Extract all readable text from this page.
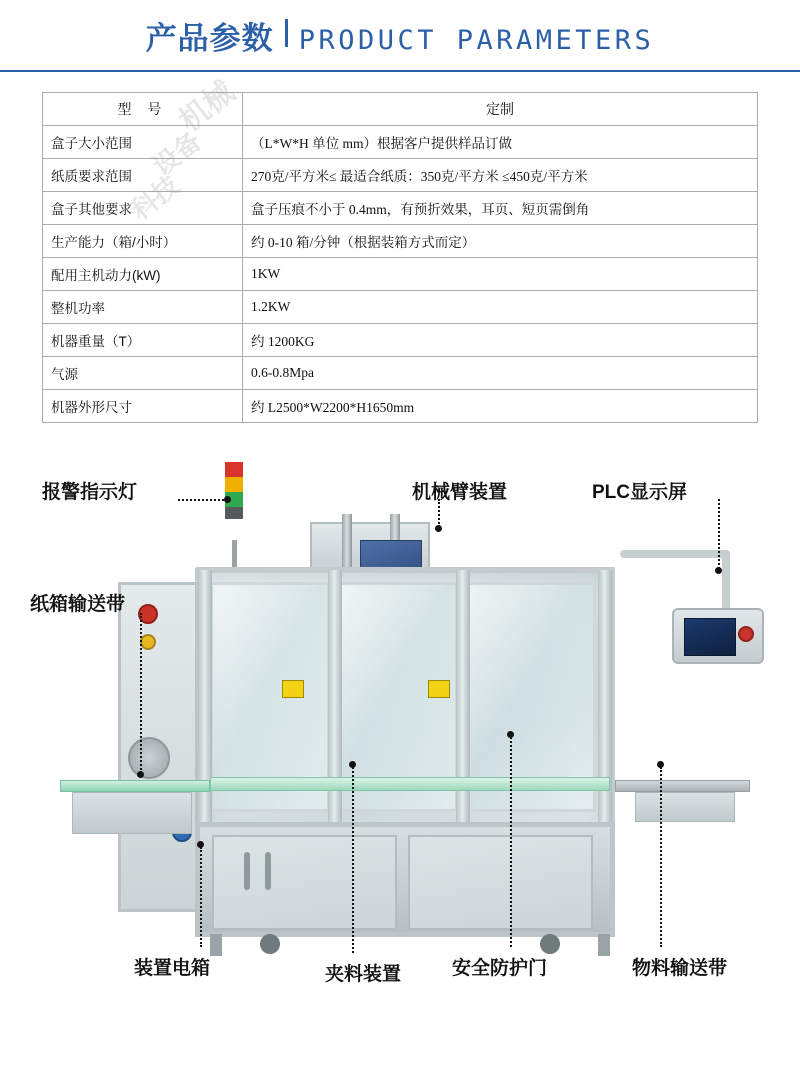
产品参数 PRODUCT PARAMETERS
机械
设备
科技
型 号	定制
盒子大小范围	（L*W*H 单位 mm）根据客户提供样品订做
纸质要求范围	270克/平方米≤ 最适合纸质：350克/平方米 ≤450克/平方米
盒子其他要求	盒子压痕不小于 0.4mm，有预折效果，耳页、短页需倒角
生产能力（箱/小时）	约 0-10 箱/分钟（根据装箱方式而定）
配用主机动力(kW)	1KW
整机功率	1.2KW
机器重量（T）	约 1200KG
气源	0.6-0.8Mpa
机器外形尺寸	约 L2500*W2200*H1650mm
报警指示灯	机械臂装置	PLC显示屏
纸箱输送带
装置电箱	夹料装置	安全防护门	物料输送带
